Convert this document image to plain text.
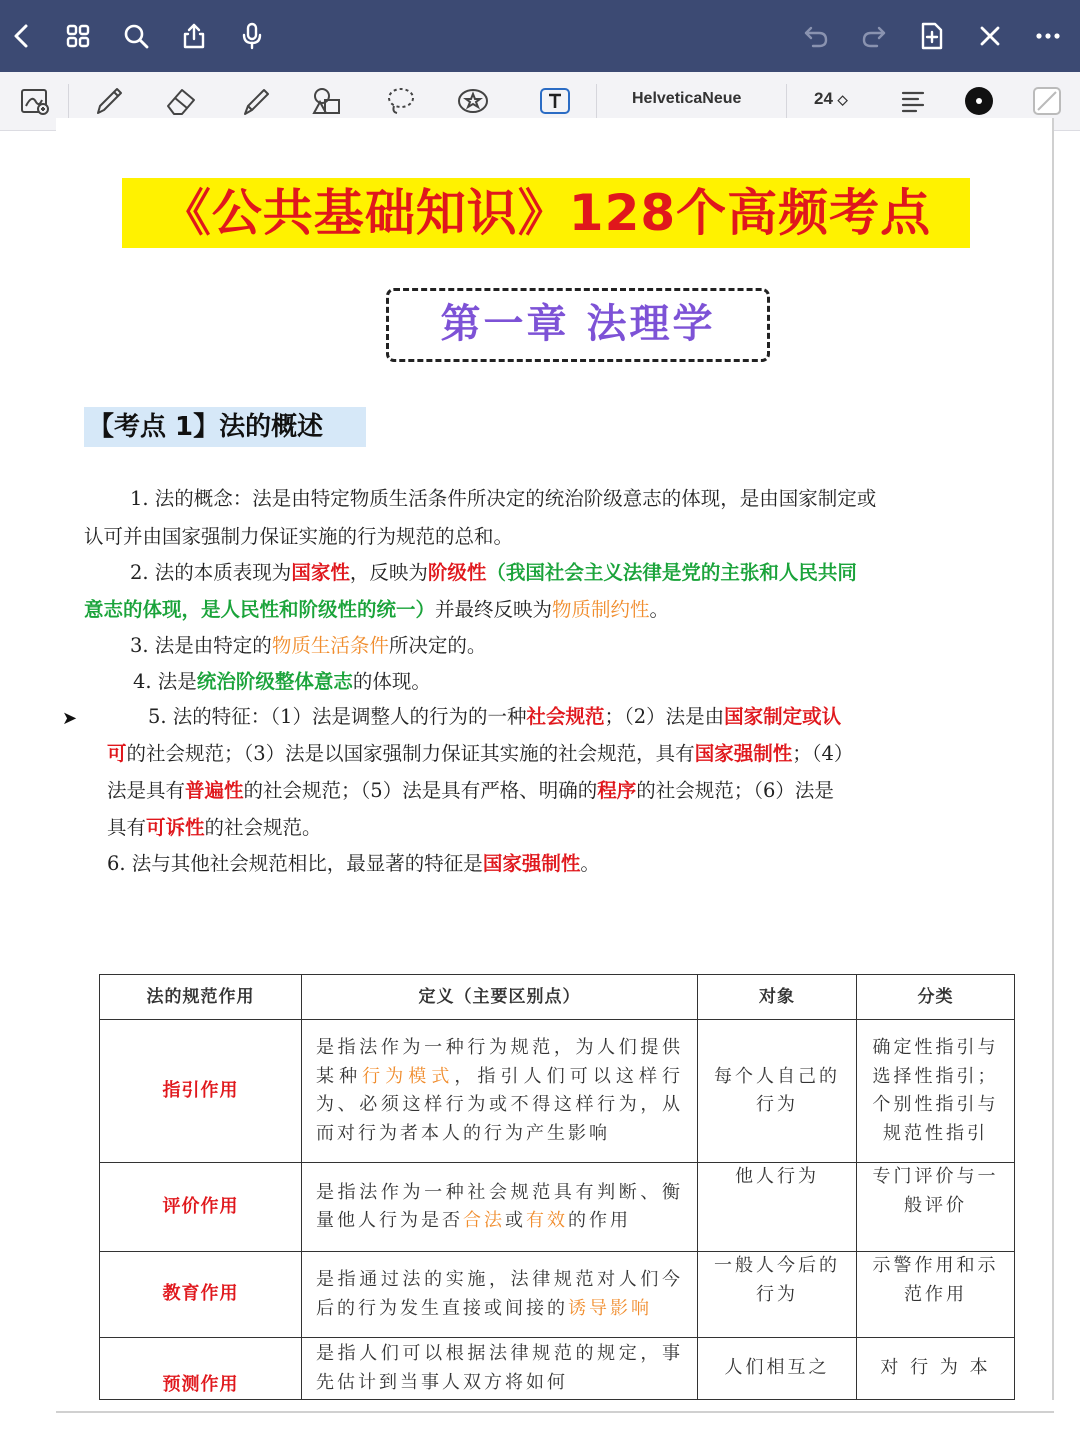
HelveticaNeue	24 ◇
《公共基础知识》128个高频考点
第一章 法理学
【考点 1】法的概述
1. 法的概念：法是由特定物质生活条件所决定的统治阶级意志的体现，是由国家制定或
认可并由国家强制力保证实施的行为规范的总和。
2. 法的本质表现为国家性，反映为阶级性（我国社会主义法律是党的主张和人民共同
意志的体现，是人民性和阶级性的统一）并最终反映为物质制约性。
3. 法是由特定的物质生活条件所决定的。
4. 法是统治阶级整体意志的体现。
➤	5. 法的特征：（1）法是调整人的行为的一种社会规范；（2）法是由国家制定或认
可的社会规范；（3）法是以国家强制力保证其实施的社会规范，具有国家强制性；（4）
法是具有普遍性的社会规范；（5）法是具有严格、明确的程序的社会规范；（6）法是
具有可诉性的社会规范。
6. 法与其他社会规范相比，最显著的特征是国家强制性。
法的规范作用	定义（主要区别点）	对象	分类
指引作用	是指法作为一种行为规范，为人们提供某种行为模式，指引人们可以这样行为、必须这样行为或不得这样行为，从而对行为者本人的行为产生影响	每个人自己的行为	确定性指引与选择性指引；个别性指引与规范性指引
评价作用	是指法作为一种社会规范具有判断、衡量他人行为是否合法或有效的作用	他人行为	专门评价与一般评价
教育作用	是指通过法的实施，法律规范对人们今后的行为发生直接或间接的诱导影响	一般人今后的行为	示警作用和示范作用
预测作用	是指人们可以根据法律规范的规定，事先估计到当事人双方将如何	人们相互之	对 行 为 本
